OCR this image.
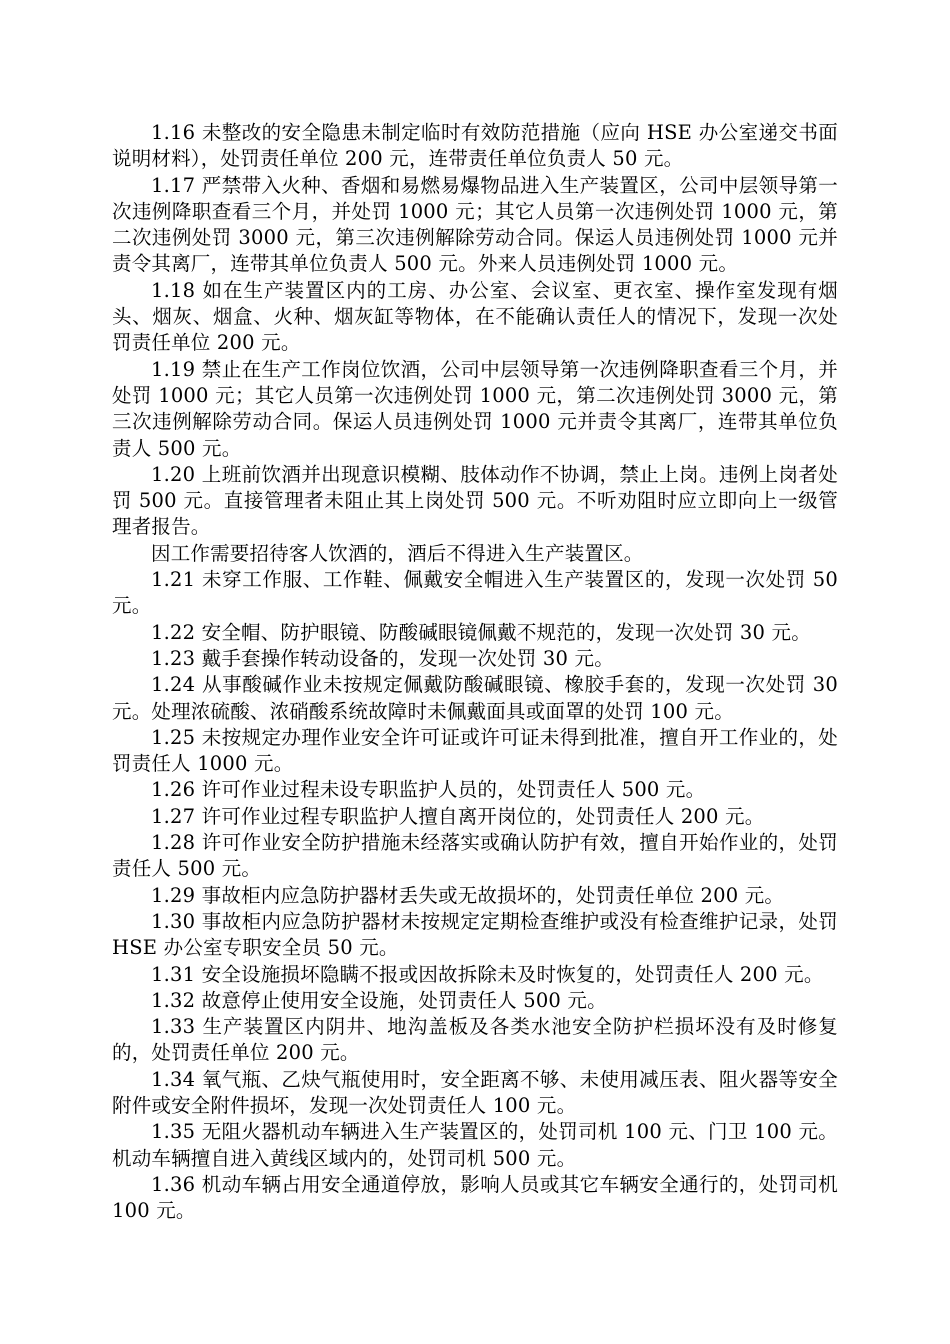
1.16 未整改的安全隐患未制定临时有效防范措施（应向 HSE 办公室递交书面说明材料），处罚责任单位 200 元，连带责任单位负责人 50 元。

1.17 严禁带入火种、香烟和易燃易爆物品进入生产装置区，公司中层领导第一次违例降职查看三个月，并处罚 1000 元；其它人员第一次违例处罚 1000 元，第二次违例处罚 3000 元，第三次违例解除劳动合同。保运人员违例处罚 1000 元并责令其离厂，连带其单位负责人 500 元。外来人员违例处罚 1000 元。

1.18 如在生产装置区内的工房、办公室、会议室、更衣室、操作室发现有烟头、烟灰、烟盒、火种、烟灰缸等物体，在不能确认责任人的情况下，发现一次处罚责任单位 200 元。

1.19 禁止在生产工作岗位饮酒，公司中层领导第一次违例降职查看三个月，并处罚 1000 元；其它人员第一次违例处罚 1000 元，第二次违例处罚 3000 元，第三次违例解除劳动合同。保运人员违例处罚 1000 元并责令其离厂，连带其单位负责人 500 元。

1.20 上班前饮酒并出现意识模糊、肢体动作不协调，禁止上岗。违例上岗者处罚 500 元。直接管理者未阻止其上岗处罚 500 元。不听劝阻时应立即向上一级管理者报告。

因工作需要招待客人饮酒的，酒后不得进入生产装置区。

1.21 未穿工作服、工作鞋、佩戴安全帽进入生产装置区的，发现一次处罚 50 元。

1.22 安全帽、防护眼镜、防酸碱眼镜佩戴不规范的，发现一次处罚 30 元。

1.23 戴手套操作转动设备的，发现一次处罚 30 元。

1.24 从事酸碱作业未按规定佩戴防酸碱眼镜、橡胶手套的，发现一次处罚 30 元。处理浓硫酸、浓硝酸系统故障时未佩戴面具或面罩的处罚 100 元。

1.25 未按规定办理作业安全许可证或许可证未得到批准，擅自开工作业的，处罚责任人 1000 元。

1.26 许可作业过程未设专职监护人员的，处罚责任人 500 元。

1.27 许可作业过程专职监护人擅自离开岗位的，处罚责任人 200 元。

1.28 许可作业安全防护措施未经落实或确认防护有效，擅自开始作业的，处罚责任人 500 元。

1.29 事故柜内应急防护器材丢失或无故损坏的，处罚责任单位 200 元。

1.30 事故柜内应急防护器材未按规定定期检查维护或没有检查维护记录，处罚 HSE 办公室专职安全员 50 元。

1.31 安全设施损坏隐瞒不报或因故拆除未及时恢复的，处罚责任人 200 元。

1.32 故意停止使用安全设施，处罚责任人 500 元。

1.33 生产装置区内阴井、地沟盖板及各类水池安全防护栏损坏没有及时修复的，处罚责任单位 200 元。

1.34 氧气瓶、乙炔气瓶使用时，安全距离不够、未使用减压表、阻火器等安全附件或安全附件损坏，发现一次处罚责任人 100 元。

1.35 无阻火器机动车辆进入生产装置区的，处罚司机 100 元、门卫 100 元。机动车辆擅自进入黄线区域内的，处罚司机 500 元。

1.36 机动车辆占用安全通道停放，影响人员或其它车辆安全通行的，处罚司机 100 元。
